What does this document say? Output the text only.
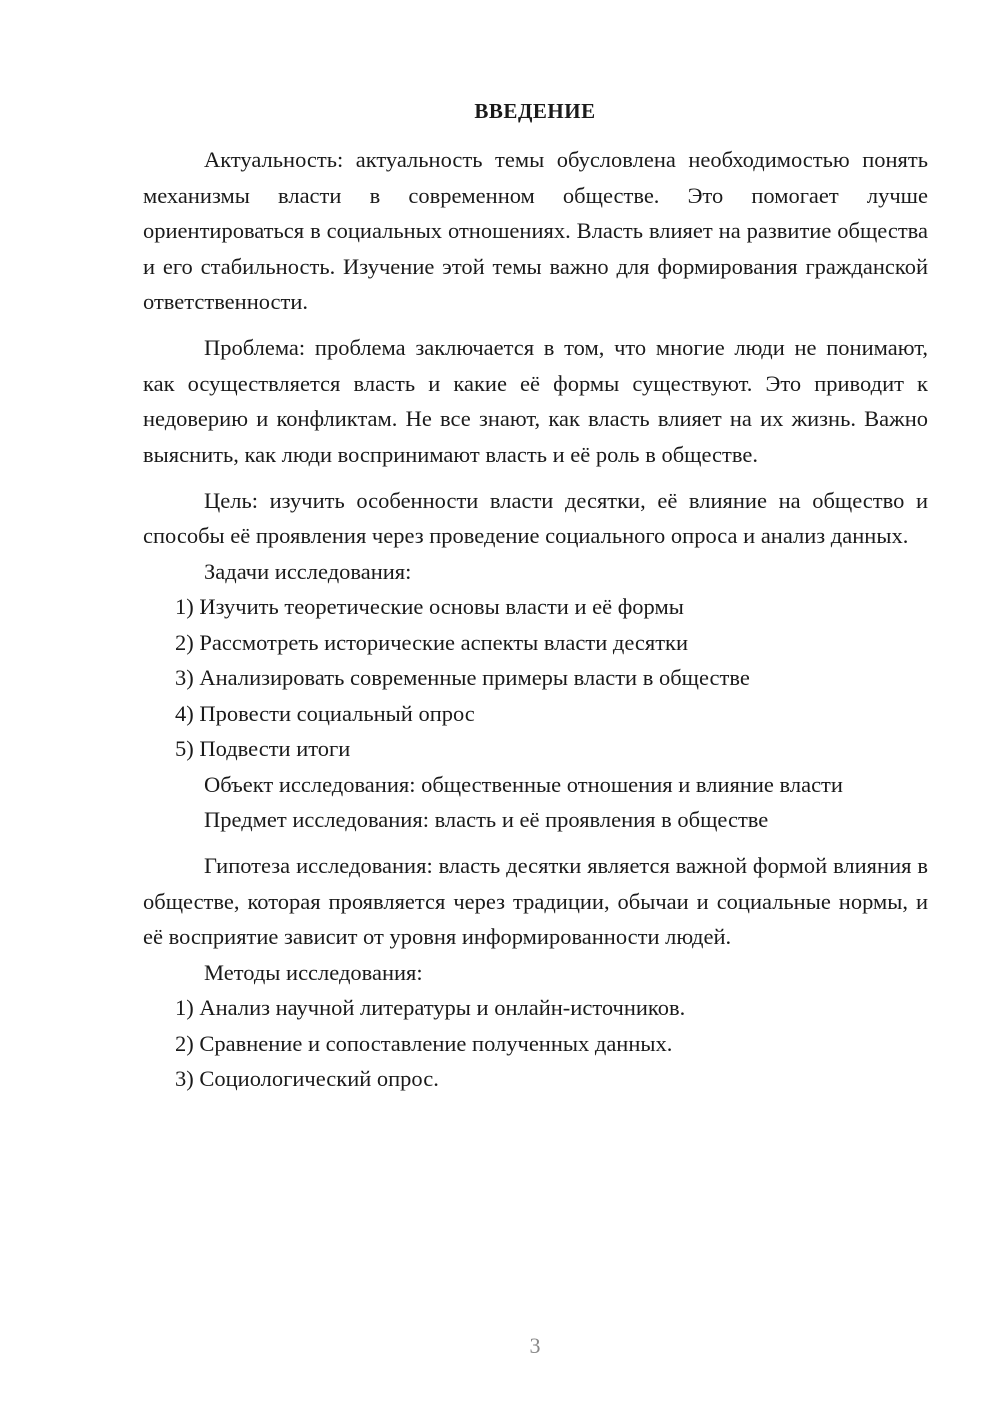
ВВЕДЕНИЕ

Актуальность: актуальность темы обусловлена необходимостью понять механизмы власти в современном обществе. Это помогает лучше ориентироваться в социальных отношениях. Власть влияет на развитие общества и его стабильность. Изучение этой темы важно для формирования гражданской ответственности.

Проблема: проблема заключается в том, что многие люди не понимают, как осуществляется власть и какие её формы существуют. Это приводит к недоверию и конфликтам. Не все знают, как власть влияет на их жизнь. Важно выяснить, как люди воспринимают власть и её роль в обществе.

Цель: изучить особенности власти десятки, её влияние на общество и способы её проявления через проведение социального опроса и анализ данных.

Задачи исследования:

1) Изучить теоретические основы власти и её формы

2) Рассмотреть исторические аспекты власти десятки

3) Анализировать современные примеры власти в обществе

4) Провести социальный опрос

5) Подвести итоги

Объект исследования: общественные отношения и влияние власти

Предмет исследования: власть и её проявления в обществе

Гипотеза исследования: власть десятки является важной формой влияния в обществе, которая проявляется через традиции, обычаи и социальные нормы, и её восприятие зависит от уровня информированности людей.

Методы исследования:

1) Анализ научной литературы и онлайн-источников.

2) Сравнение и сопоставление полученных данных.

3) Социологический опрос.

3
